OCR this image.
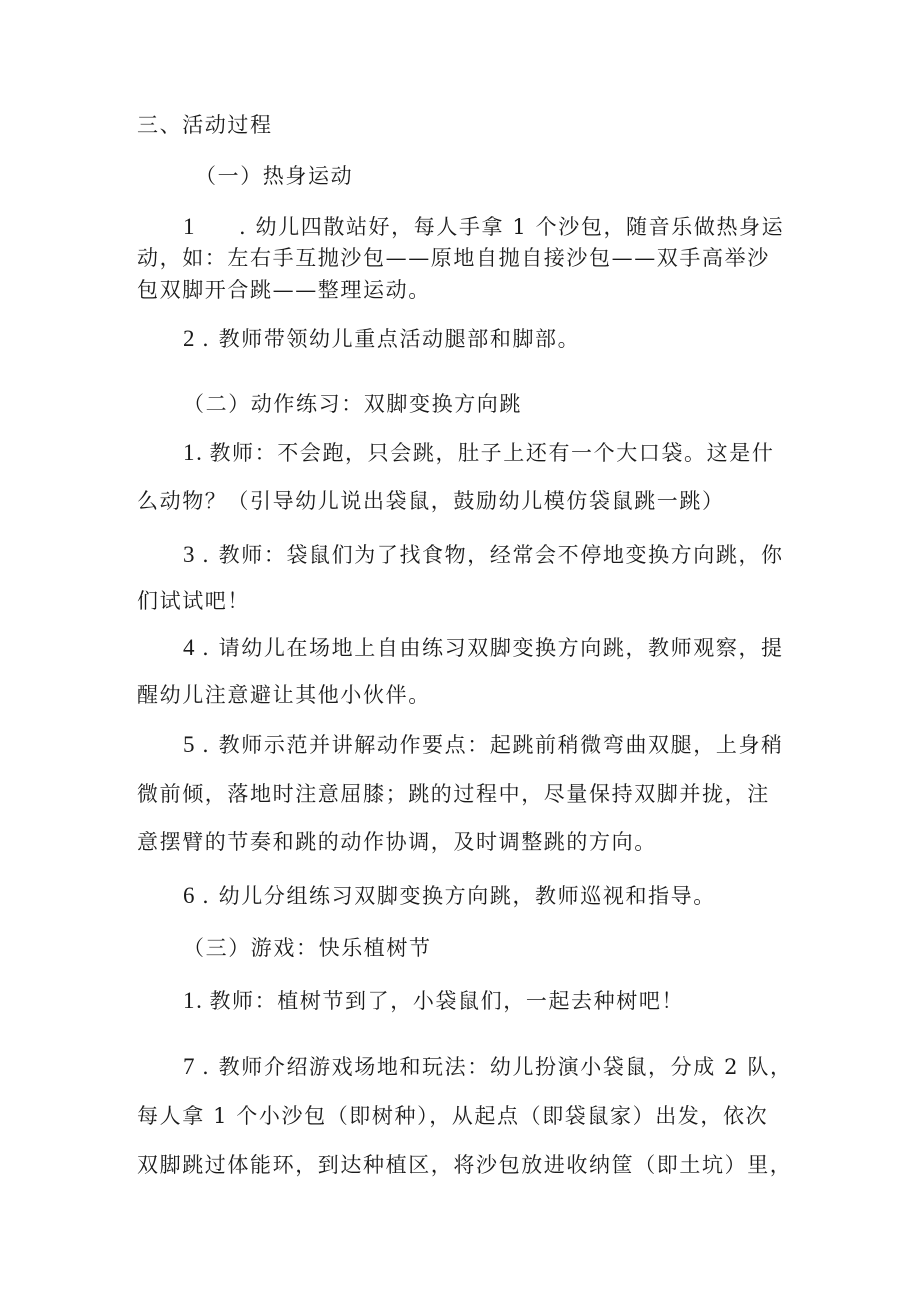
三、活动过程
（一）热身运动
1 . 幼儿四散站好，每人手拿 1 个沙包，随音乐做热身运
动，如：左右手互抛沙包——原地自抛自接沙包——双手高举沙
包双脚开合跳——整理运动。
2 . 教师带领幼儿重点活动腿部和脚部。
（二）动作练习：双脚变换方向跳
1. 教师：不会跑，只会跳，肚子上还有一个大口袋。这是什
么动物？（引导幼儿说出袋鼠，鼓励幼儿模仿袋鼠跳一跳）
3 . 教师：袋鼠们为了找食物，经常会不停地变换方向跳，你
们试试吧！
4 . 请幼儿在场地上自由练习双脚变换方向跳，教师观察，提
醒幼儿注意避让其他小伙伴。
5 . 教师示范并讲解动作要点：起跳前稍微弯曲双腿，上身稍
微前倾，落地时注意屈膝；跳的过程中，尽量保持双脚并拢，注
意摆臂的节奏和跳的动作协调，及时调整跳的方向。
6 . 幼儿分组练习双脚变换方向跳，教师巡视和指导。
（三）游戏：快乐植树节
1. 教师：植树节到了，小袋鼠们，一起去种树吧！
7 . 教师介绍游戏场地和玩法：幼儿扮演小袋鼠，分成 2 队，
每人拿 1 个小沙包（即树种），从起点（即袋鼠家）出发，依次
双脚跳过体能环，到达种植区，将沙包放进收纳筐（即土坑）里，
